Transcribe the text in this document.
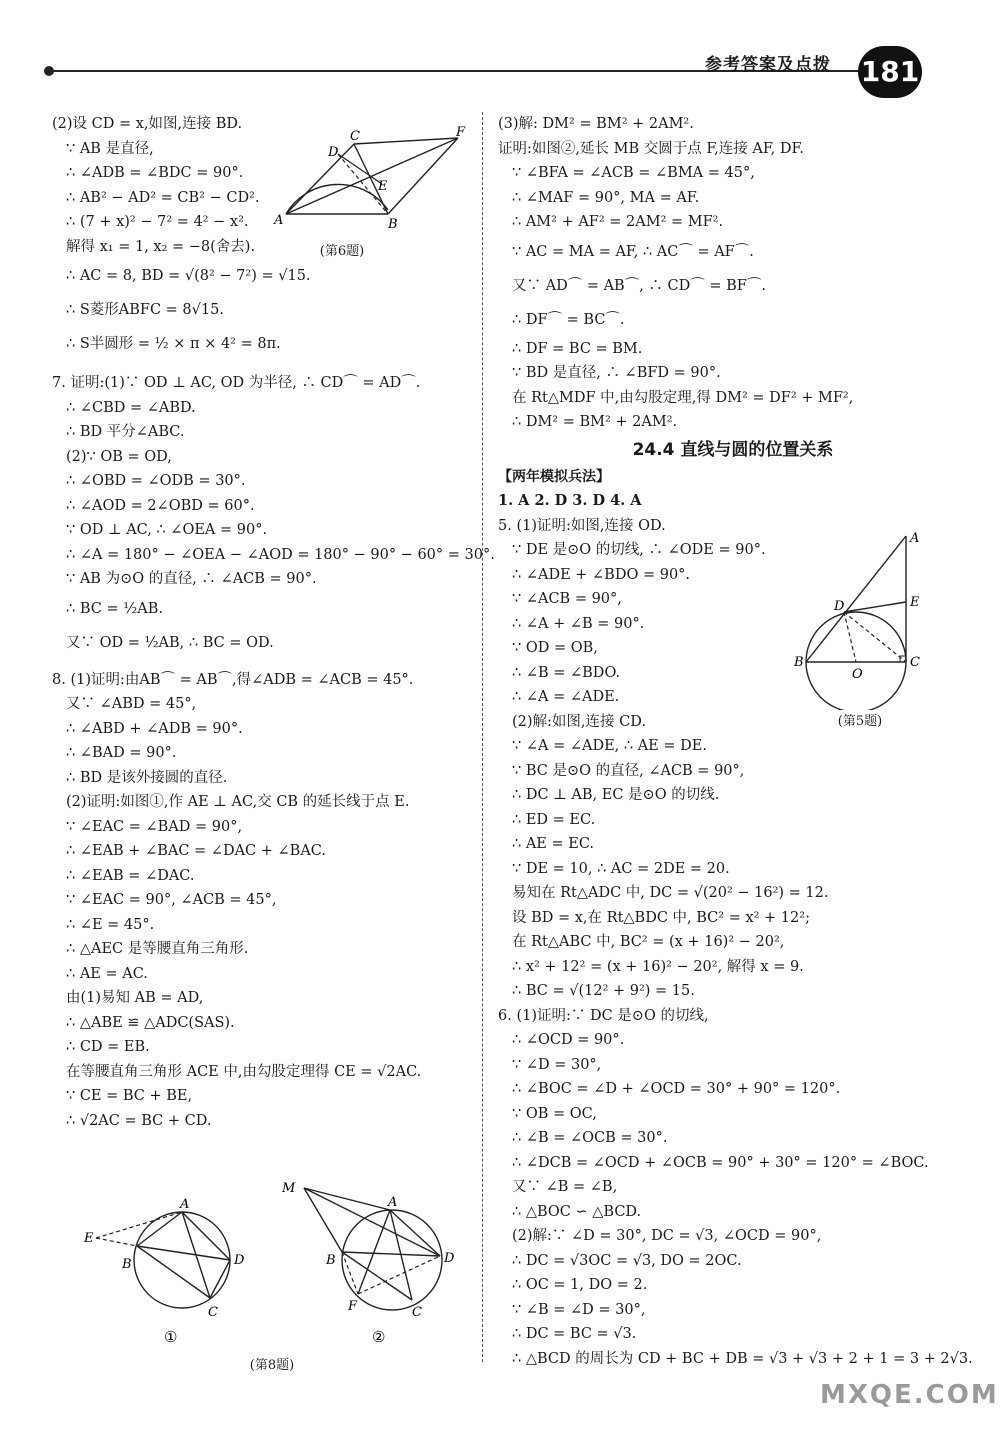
参考答案及点拨 181
(2)设 CD = x,如图,连接 BD.
∵ AB 是直径,
∴ ∠ADB = ∠BDC = 90°.
∴ AB² − AD² = CB² − CD².
∴ (7 + x)² − 7² = 4² − x².
解得 x₁ = 1, x₂ = −8(舍去).
∴ AC = 8, BD = √(8² − 7²) = √15.
∴ S菱形ABFC = 8√15.
∴ S半圆形 = ½ × π × 4² = 8π.
7. 证明:(1)∵ OD ⊥ AC, OD 为半径, ∴ CD⌒ = AD⌒.
∴ ∠CBD = ∠ABD.
∴ BD 平分∠ABC.
(2)∵ OB = OD,
∴ ∠OBD = ∠ODB = 30°.
∴ ∠AOD = 2∠OBD = 60°.
∵ OD ⊥ AC, ∴ ∠OEA = 90°.
∴ ∠A = 180° − ∠OEA − ∠AOD = 180° − 90° − 60° = 30°.
∵ AB 为⊙O 的直径, ∴ ∠ACB = 90°.
∴ BC = ½AB.
又∵ OD = ½AB, ∴ BC = OD.
8. (1)证明:由AB⌒ = AB⌒,得∠ADB = ∠ACB = 45°.
又∵ ∠ABD = 45°,
∴ ∠ABD + ∠ADB = 90°.
∴ ∠BAD = 90°.
∴ BD 是该外接圆的直径.
(2)证明:如图①,作 AE ⊥ AC,交 CB 的延长线于点 E.
∵ ∠EAC = ∠BAD = 90°,
∴ ∠EAB + ∠BAC = ∠DAC + ∠BAC.
∴ ∠EAB = ∠DAC.
∵ ∠EAC = 90°, ∠ACB = 45°,
∴ ∠E = 45°.
∴ △AEC 是等腰直角三角形.
∴ AE = AC.
由(1)易知 AB = AD,
∴ △ABE ≌ △ADC(SAS).
∴ CD = EB.
在等腰直角三角形 ACE 中,由勾股定理得 CE = √2AC.
∵ CE = BC + BE,
∴ √2AC = BC + CD.
A	B
C
D
E
F
(第6题)
A
B
C
D
E
①
M
A
B
C
D
F
②
(第8题)
(3)解: DM² = BM² + 2AM².
证明:如图②,延长 MB 交圆于点 F,连接 AF, DF.
∵ ∠BFA = ∠ACB = ∠BMA = 45°,
∴ ∠MAF = 90°, MA = AF.
∴ AM² + AF² = 2AM² = MF².
∵ AC = MA = AF, ∴ AC⌒ = AF⌒.
又∵ AD⌒ = AB⌒, ∴ CD⌒ = BF⌒.
∴ DF⌒ = BC⌒.
∴ DF = BC = BM.
∵ BD 是直径, ∴ ∠BFD = 90°.
在 Rt△MDF 中,由勾股定理,得 DM² = DF² + MF²,
∴ DM² = BM² + 2AM².
24.4 直线与圆的位置关系
【两年模拟兵法】
1. A 2. D 3. D 4. A
5. (1)证明:如图,连接 OD.
∵ DE 是⊙O 的切线, ∴ ∠ODE = 90°.
∴ ∠ADE + ∠BDO = 90°.
∵ ∠ACB = 90°,
∴ ∠A + ∠B = 90°.
∵ OD = OB,
∴ ∠B = ∠BDO.
∴ ∠A = ∠ADE.
(2)解:如图,连接 CD.
∵ ∠A = ∠ADE, ∴ AE = DE.
∵ BC 是⊙O 的直径, ∠ACB = 90°,
∴ DC ⊥ AB, EC 是⊙O 的切线.
∴ ED = EC.
∴ AE = EC.
∵ DE = 10, ∴ AC = 2DE = 20.
易知在 Rt△ADC 中, DC = √(20² − 16²) = 12.
设 BD = x,在 Rt△BDC 中, BC² = x² + 12²;
在 Rt△ABC 中, BC² = (x + 16)² − 20²,
∴ x² + 12² = (x + 16)² − 20², 解得 x = 9.
∴ BC = √(12² + 9²) = 15.
6. (1)证明:∵ DC 是⊙O 的切线,
∴ ∠OCD = 90°.
∵ ∠D = 30°,
∴ ∠BOC = ∠D + ∠OCD = 30° + 90° = 120°.
∵ OB = OC,
∴ ∠B = ∠OCB = 30°.
∴ ∠DCB = ∠OCD + ∠OCB = 90° + 30° = 120° = ∠BOC.
又∵ ∠B = ∠B,
∴ △BOC ∽ △BCD.
(2)解:∵ ∠D = 30°, DC = √3, ∠OCD = 90°,
∴ DC = √3OC = √3, DO = 2OC.
∴ OC = 1, DO = 2.
∵ ∠B = ∠D = 30°,
∴ DC = BC = √3.
∴ △BCD 的周长为 CD + BC + DB = √3 + √3 + 2 + 1 = 3 + 2√3.
A
B	C
D	E
O
(第5题)
MXQE.COM
